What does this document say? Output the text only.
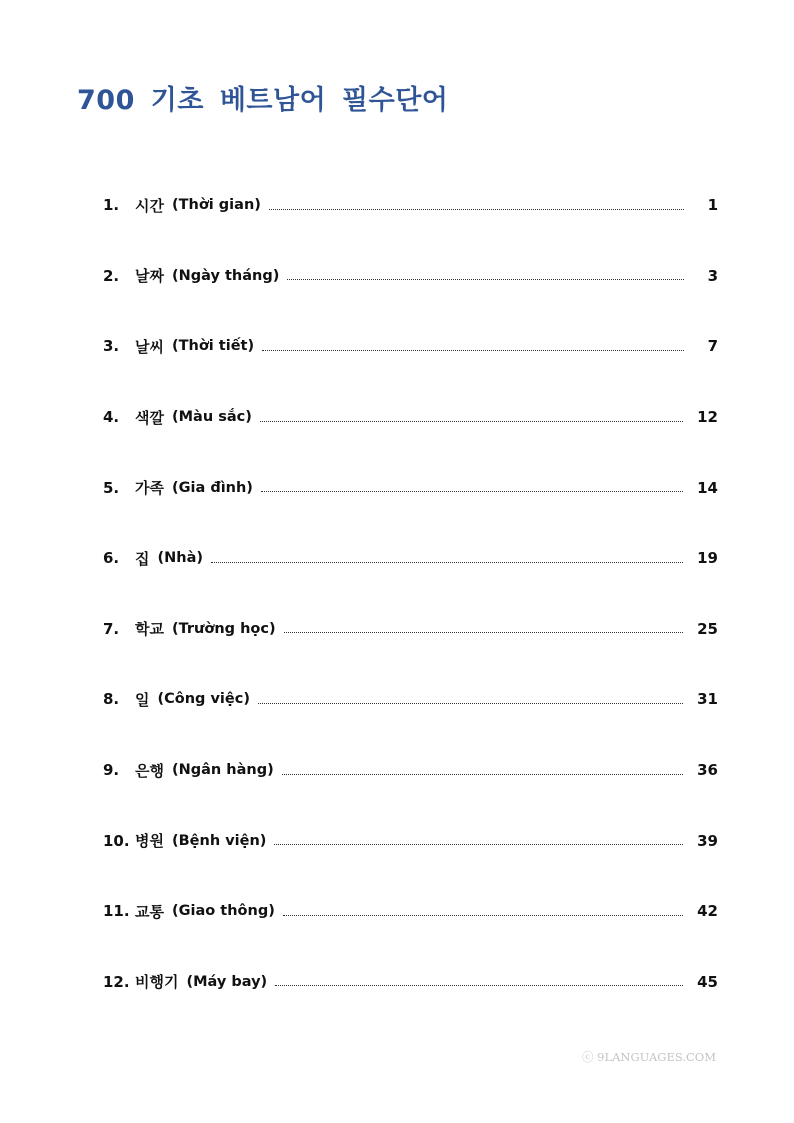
700 기초 베트남어 필수단어
1.	시간 (Thời gian)	1
2.	날짜 (Ngày tháng)	3
3.	날씨 (Thời tiết)	7
4.	색깔 (Màu sắc)	12
5.	가족 (Gia đình)	14
6.	집 (Nhà)	19
7.	학교 (Trường học)	25
8.	일 (Công việc)	31
9.	은행 (Ngân hàng)	36
10. 병원 (Bệnh viện)	39
11. 교통 (Giao thông)	42
12. 비행기 (Máy bay)	45
ⓒ 9LANGUAGES.COM
